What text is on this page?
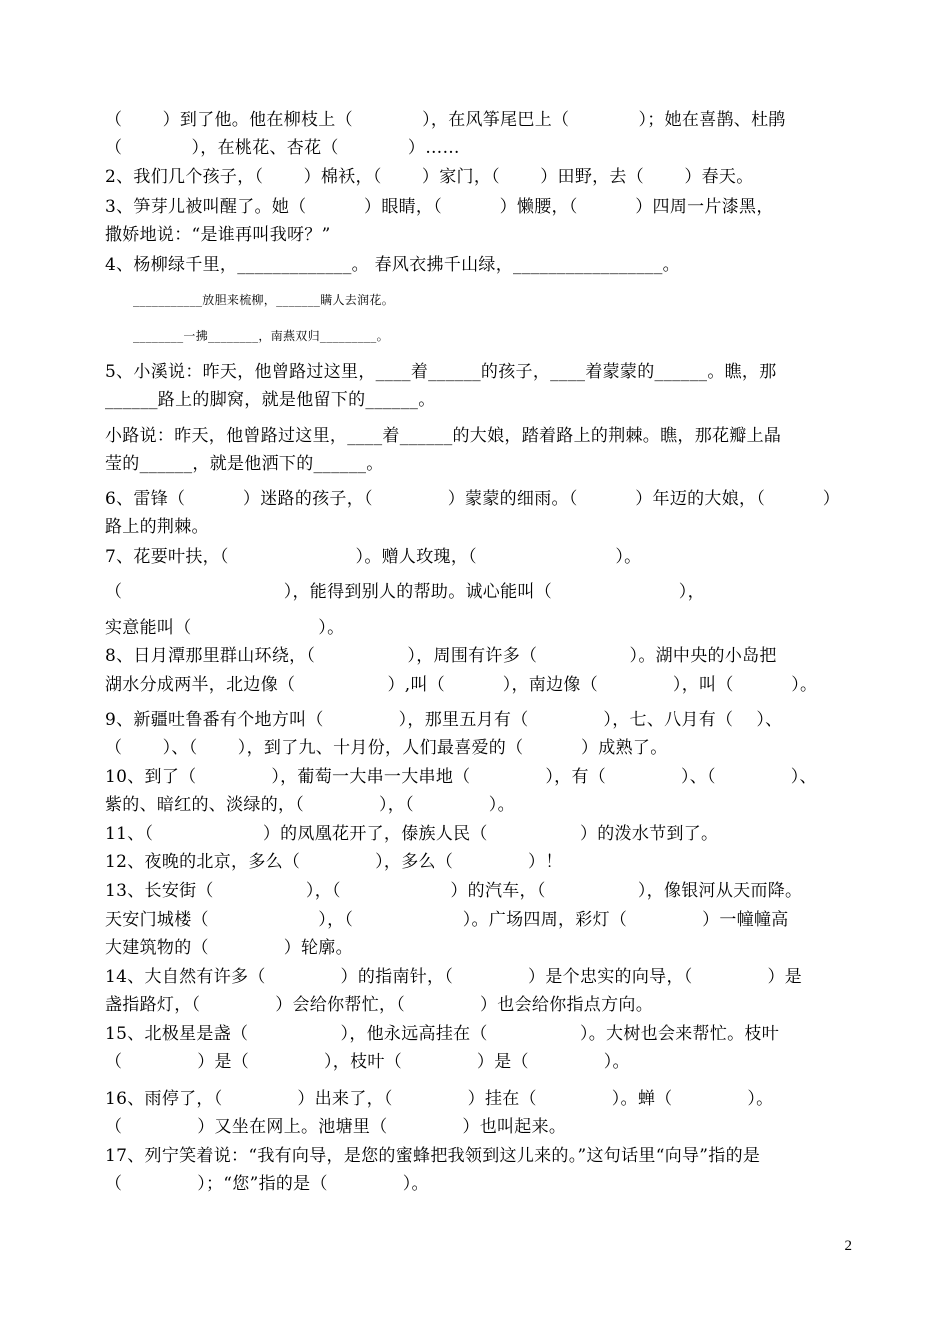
（　　 ）到了他。他在柳枝上（　　　　），在风筝尾巴上（　　　　）；她在喜鹊、杜鹃
（　　　　），在桃花、杏花（　　　　）……
2、我们几个孩子，（　　 ）棉袄，（　　 ）家门，（　　 ）田野，去（　　 ）春天。
3、笋芽儿被叫醒了。她（　　　 ）眼睛，（　　　 ）懒腰，（　　　 ）四周一片漆黑，
撒娇地说：“是谁再叫我呀？”
4、杨柳绿千里，_____________。 春风衣拂千山绿，_________________。
___________放胆来梳柳，_______瞒人去润花。
________一拂________，南燕双归_________。
5、小溪说：昨天，他曾路过这里，____着______的孩子，____着蒙蒙的______。瞧，那
______路上的脚窝，就是他留下的______。
小路说：昨天，他曾路过这里，____着______的大娘，踏着路上的荆棘。瞧，那花瓣上晶
莹的______，就是他洒下的______。
6、雷锋（　　　 ）迷路的孩子，（　　　　 ）蒙蒙的细雨。（　　　 ）年迈的大娘，（　　　 ）
路上的荆棘。
7、花要叶扶，（　　　　　　　 ）。赠人玫瑰，（　　　　　　　　）。
（　　　　　　　　　 ），能得到别人的帮助。诚心能叫（　　　　　　　 ），
实意能叫（　　　　　　　 ）。
8、日月潭那里群山环绕，（　　　　　 ），周围有许多（　　　　　 ）。湖中央的小岛把
湖水分成两半，北边像（　　　　　 ）,叫（　　　 ），南边像（　　　　 ），叫（　　　 ）。
9、新疆吐鲁番有个地方叫（　　　　 ），那里五月有（　　　　 ），七、八月有（　 ）、
（　　 ）、（　　 ），到了九、十月份，人们最喜爱的（　　　 ）成熟了。
10、到了（　　　　 ），葡萄一大串一大串地（　　　　 ），有（　　　　 ）、（　　　　 ）、
紫的、暗红的、淡绿的，（　　　　 ），（　　　　 ）。
11、（　　　　　　 ）的凤凰花开了，傣族人民（　　　　　 ）的泼水节到了。
12、夜晚的北京，多么（　　　　 ），多么（　　　　 ）！
13、长安街（　　　　　 ），（　　　　　　 ）的汽车，（　　　　　 ），像银河从天而降。
天安门城楼（　　　　　　 ），（　　　　　　 ）。广场四周，彩灯（　　　　 ）一幢幢高
大建筑物的（　　　　 ）轮廓。
14、大自然有许多（　　　　 ）的指南针，（　　　　 ）是个忠实的向导，（　　　　 ）是
盏指路灯，（　　　　 ）会给你帮忙，（　　　　 ）也会给你指点方向。
15、北极星是盏（　　　　　 ），他永远高挂在（　　　　　 ）。大树也会来帮忙。枝叶
（　　　　 ）是（　　　　 ），枝叶（　　　　 ）是（　　　　 ）。
16、雨停了，（　　　　 ）出来了，（　　　　 ）挂在（　　　　 ）。蝉（　　　　 ）。
（　　　　 ）又坐在网上。池塘里（　　　　 ）也叫起来。
17、列宁笑着说：“我有向导，是您的蜜蜂把我领到这儿来的。”这句话里“向导”指的是
（　　　　 ）；“您”指的是（　　　　 ）。
2
